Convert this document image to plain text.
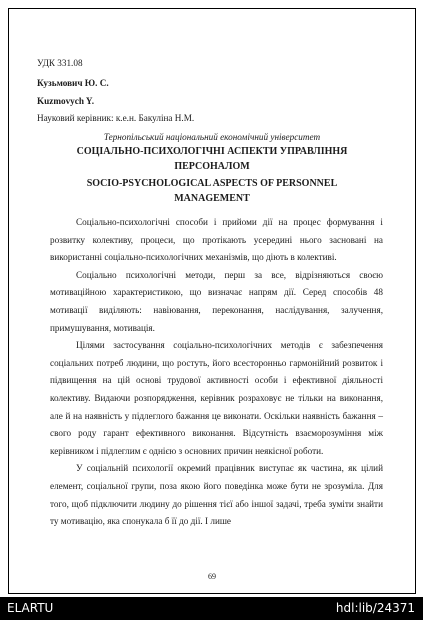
УДК 331.08
Кузьмович Ю. С.
Kuzmovych Y.
Науковий керівник: к.е.н. Бакуліна Н.М.
Тернопільський національний економічний університет
СОЦІАЛЬНО-ПСИХОЛОГІЧНІ АСПЕКТИ УПРАВЛІННЯ
ПЕРСОНАЛОМ
SOCIO-PSYCHOLOGICAL ASPECTS OF PERSONNEL
MANAGEMENT

Соціально-психологічні способи і прийоми дії на процес формування і розвитку колективу, процеси, що протікають усередині нього засновані на використанні соціально-психологічних механізмів, що діють в колективі.

Соціально психологічні методи, перш за все, відрізняються своєю мотиваційною характеристикою, що визначає напрям дії. Серед способів 48 мотивації виділяють: навіювання, переконання, наслідування, залучення, примушування, мотивація.

Цілями застосування соціально-психологічних методів є забезпечення соціальних потреб людини, що ростуть, його всесторонньо гармонійний розвиток і підвищення на цій основі трудової активності особи і ефективної діяльності колективу. Видаючи розпорядження, керівник розраховує не тільки на виконання, але й на наявність у підлеглого бажання це виконати. Оскільки наявність бажання – свого роду гарант ефективного виконання. Відсутність взаєморозуміння між керівником і підлеглим є однією з основних причин неякісної роботи.

У соціальній психології окремий працівник виступає як частина, як цілий елемент, соціальної групи, поза якою його поведінка може бути не зрозуміла. Для того, щоб підключити людину до рішення тієї або іншої задачі, треба зуміти знайти ту мотивацію, яка спонукала б її до дії. І лише

69
ELARTU	hdl:lib/24371
